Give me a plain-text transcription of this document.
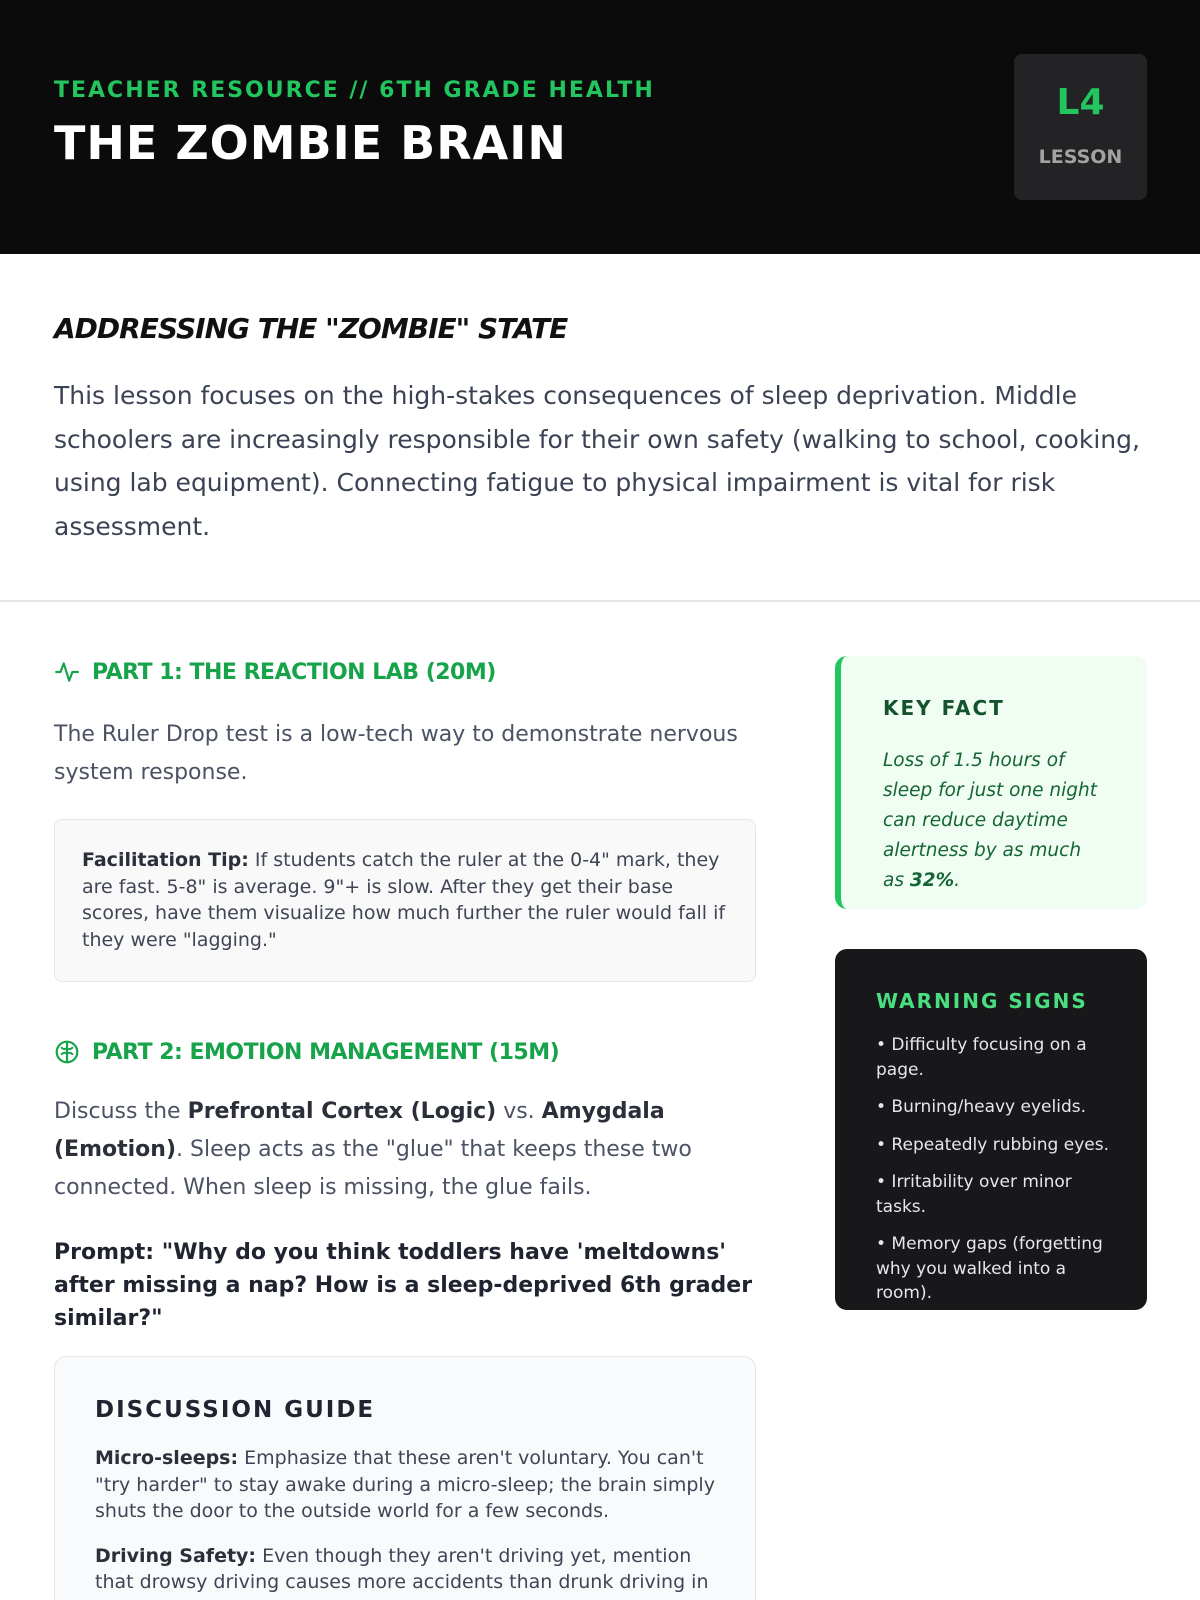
TEACHER RESOURCE // 6TH GRADE HEALTH
THE ZOMBIE BRAIN
L4
LESSON
ADDRESSING THE "ZOMBIE" STATE

This lesson focuses on the high-stakes consequences of sleep deprivation. Middle schoolers are increasingly responsible for their own safety (walking to school, cooking, using lab equipment). Connecting fatigue to physical impairment is vital for risk assessment.

PART 1: THE REACTION LAB (20M)

The Ruler Drop test is a low-tech way to demonstrate nervous system response.

Facilitation Tip: If students catch the ruler at the 0-4" mark, they are fast. 5-8" is average. 9"+ is slow. After they get their base scores, have them visualize how much further the ruler would fall if they were "lagging."
PART 2: EMOTION MANAGEMENT (15M)

Discuss the Prefrontal Cortex (Logic) vs. Amygdala (Emotion). Sleep acts as the "glue" that keeps these two connected. When sleep is missing, the glue fails.

Prompt: "Why do you think toddlers have 'meltdowns' after missing a nap? How is a sleep-deprived 6th grader similar?"

DISCUSSION GUIDE
Micro-sleeps: Emphasize that these aren't voluntary. You can't "try harder" to stay awake during a micro-sleep; the brain simply shuts the door to the outside world for a few seconds.
Driving Safety: Even though they aren't driving yet, mention that drowsy driving causes more accidents than drunk driving in
KEY FACT
Loss of 1.5 hours of sleep for just one night can reduce daytime alertness by as much as 32%.
WARNING SIGNS
• Difficulty focusing on a page.
• Burning/heavy eyelids.
• Repeatedly rubbing eyes.
• Irritability over minor tasks.
• Memory gaps (forgetting why you walked into a room).
